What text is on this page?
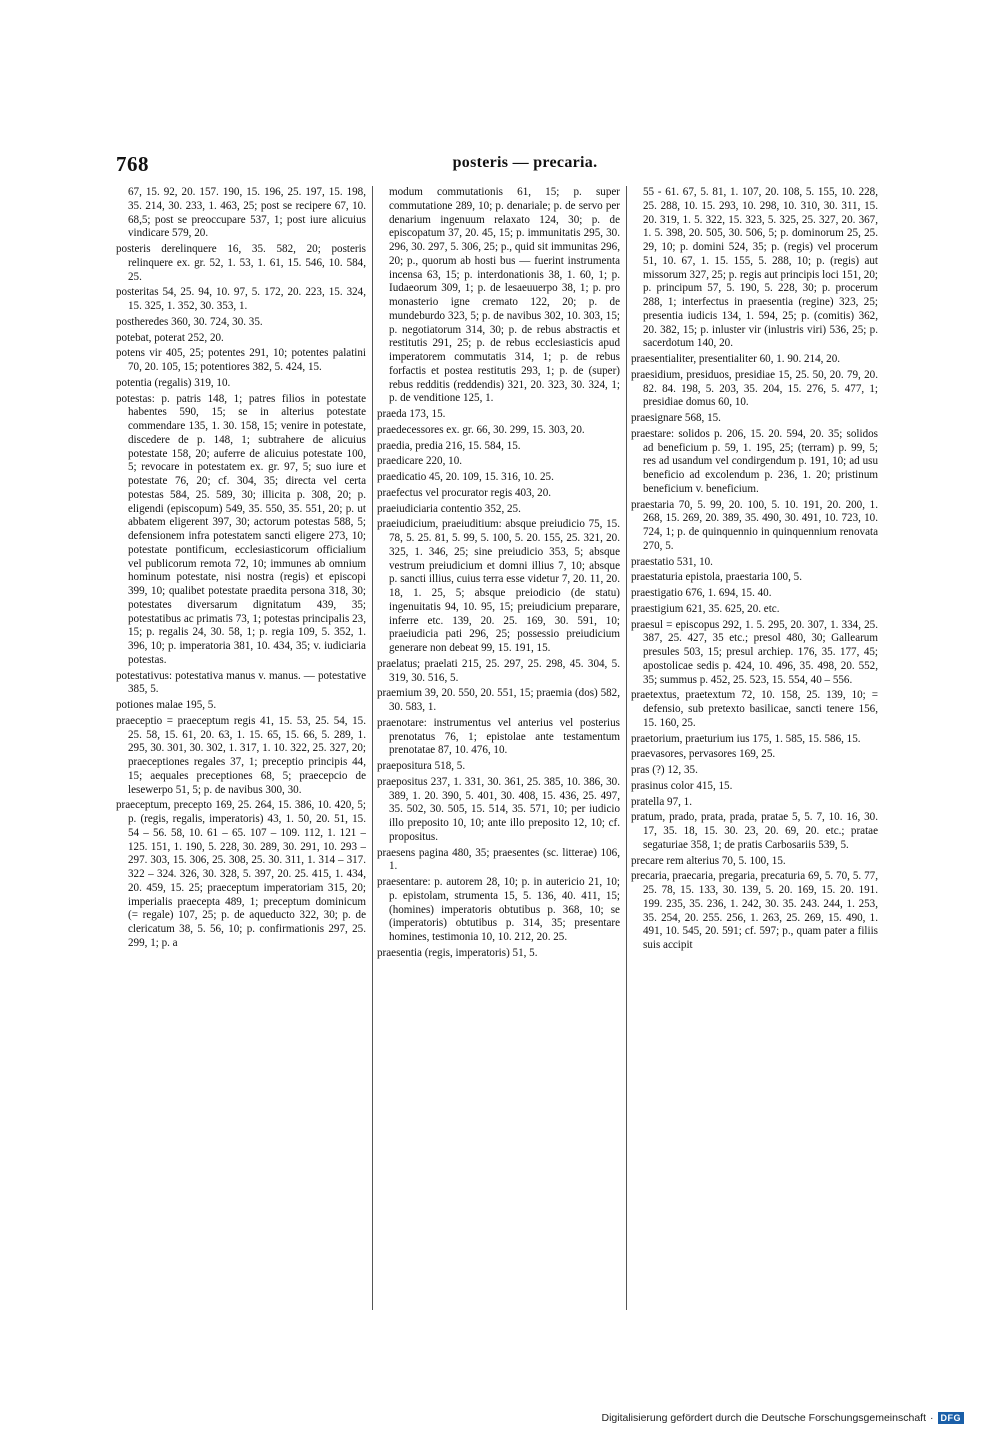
768	posteris — precaria.

67, 15. 92, 20. 157. 190, 15. 196, 25. 197, 15. 198, 35. 214, 30. 233, 1. 463, 25; post se recipere 67, 10. 68,5; post se preoccupare 537, 1; post iure alicuius vindicare 579, 20.

posteris derelinquere 16, 35. 582, 20; posteris relinquere ex. gr. 52, 1. 53, 1. 61, 15. 546, 10. 584, 25.

posteritas 54, 25. 94, 10. 97, 5. 172, 20. 223, 15. 324, 15. 325, 1. 352, 30. 353, 1.

postheredes 360, 30. 724, 30. 35.

potebat, poterat 252, 20.

potens vir 405, 25; potentes 291, 10; potentes palatini 70, 20. 105, 15; potentiores 382, 5. 424, 15.

potentia (regalis) 319, 10.

potestas: p. patris 148, 1; patres filios in potestate habentes 590, 15; se in alterius potestate commendare 135, 1. 30. 158, 15; venire in potestate, discedere de p. 148, 1; subtrahere de alicuius potestate 158, 20; auferre de alicuius potestate 100, 5; revocare in potestatem ex. gr. 97, 5; suo iure et potestate 76, 20; cf. 304, 35; directa vel certa potestas 584, 25. 589, 30; illicita p. 308, 20; p. eligendi (episcopum) 549, 35. 550, 35. 551, 20; p. ut abbatem eligerent 397, 30; actorum potestas 588, 5; defensionem infra potestatem sancti eligere 273, 10; potestate pontificum, ecclesiasticorum officialium vel publicorum remota 72, 10; immunes ab omnium hominum potestate, nisi nostra (regis) et episcopi 399, 10; qualibet potestate praedita persona 318, 30; potestates diversarum dignitatum 439, 35; potestatibus ac primatis 73, 1; potestas principalis 23, 15; p. regalis 24, 30. 58, 1; p. regia 109, 5. 352, 1. 396, 10; p. imperatoria 381, 10. 434, 35; v. iudiciaria potestas.

potestativus: potestativa manus v. manus. — potestative 385, 5.

potiones malae 195, 5.

praeceptio = praeceptum regis 41, 15. 53, 25. 54, 15. 25. 58, 15. 61, 20. 63, 1. 15. 65, 15. 66, 5. 289, 1. 295, 30. 301, 30. 302, 1. 317, 1. 10. 322, 25. 327, 20; praeceptiones regales 37, 1; preceptio principis 44, 15; aequales preceptiones 68, 5; praecepcio de lesewerpo 51, 5; p. de navibus 300, 30.

praeceptum, precepto 169, 25. 264, 15. 386, 10. 420, 5; p. (regis, regalis, imperatoris) 43, 1. 50, 20. 51, 15. 54 – 56. 58, 10. 61 – 65. 107 – 109. 112, 1. 121 – 125. 151, 1. 190, 5. 228, 30. 289, 30. 291, 10. 293 – 297. 303, 15. 306, 25. 308, 25. 30. 311, 1. 314 – 317. 322 – 324. 326, 30. 328, 5. 397, 20. 25. 415, 1. 434, 20. 459, 15. 25; praeceptum imperatoriam 315, 20; imperialis praecepta 489, 1; preceptum dominicum (= regale) 107, 25; p. de aqueducto 322, 30; p. de clericatum 38, 5. 56, 10; p. confirmationis 297, 25. 299, 1; p. a

modum commutationis 61, 15; p. super commutatione 289, 10; p. denariale; p. de servo per denarium ingenuum relaxato 124, 30; p. de episcopatum 37, 20. 45, 15; p. immunitatis 295, 30. 296, 30. 297, 5. 306, 25; p., quid sit immunitas 296, 20; p., quorum ab hosti bus — fuerint instrumenta incensa 63, 15; p. interdonationis 38, 1. 60, 1; p. Iudaeorum 309, 1; p. de lesaeuuerpo 38, 1; p. pro monasterio igne cremato 122, 20; p. de mundeburdo 323, 5; p. de navibus 302, 10. 303, 15; p. negotiatorum 314, 30; p. de rebus abstractis et restitutis 291, 25; p. de rebus ecclesiasticis apud imperatorem commutatis 314, 1; p. de rebus forfactis et postea restitutis 293, 1; p. de (super) rebus redditis (reddendis) 321, 20. 323, 30. 324, 1; p. de venditione 125, 1.

praeda 173, 15.

praedecessores ex. gr. 66, 30. 299, 15. 303, 20.

praedia, predia 216, 15. 584, 15.

praedicare 220, 10.

praedicatio 45, 20. 109, 15. 316, 10. 25.

praefectus vel procurator regis 403, 20.

praeiudiciaria contentio 352, 25.

praeiudicium, praeiuditium: absque preiudicio 75, 15. 78, 5. 25. 81, 5. 99, 5. 100, 5. 20. 155, 25. 321, 20. 325, 1. 346, 25; sine preiudicio 353, 5; absque vestrum preiudicium et domni illius 7, 10; absque p. sancti illius, cuius terra esse videtur 7, 20. 11, 20. 18, 1. 25, 5; absque preiodicio (de statu) ingenuitatis 94, 10. 95, 15; preiudicium preparare, inferre etc. 139, 20. 25. 169, 30. 591, 10; praeiudicia pati 296, 25; possessio preiudicium generare non debeat 99, 15. 191, 15.

praelatus; praelati 215, 25. 297, 25. 298, 45. 304, 5. 319, 30. 516, 5.

praemium 39, 20. 550, 20. 551, 15; praemia (dos) 582, 30. 583, 1.

praenotare: instrumentus vel anterius vel posterius prenotatus 76, 1; epistolae ante testamentum prenotatae 87, 10. 476, 10.

praepositura 518, 5.

praepositus 237, 1. 331, 30. 361, 25. 385, 10. 386, 30. 389, 1. 20. 390, 5. 401, 30. 408, 15. 436, 25. 497, 35. 502, 30. 505, 15. 514, 35. 571, 10; per iudicio illo preposito 10, 10; ante illo preposito 12, 10; cf. propositus.

praesens pagina 480, 35; praesentes (sc. litterae) 106, 1.

praesentare: p. autorem 28, 10; p. in autericio 21, 10; p. epistolam, strumenta 15, 5. 136, 40. 411, 15; (homines) imperatoris obtutibus p. 368, 10; se (imperatoris) obtutibus p. 314, 35; presentare homines, testimonia 10, 10. 212, 20. 25.

praesentia (regis, imperatoris) 51, 5.

55 - 61. 67, 5. 81, 1. 107, 20. 108, 5. 155, 10. 228, 25. 288, 10. 15. 293, 10. 298, 10. 310, 30. 311, 15. 20. 319, 1. 5. 322, 15. 323, 5. 325, 25. 327, 20. 367, 1. 5. 398, 20. 505, 30. 506, 5; p. dominorum 25, 25. 29, 10; p. domini 524, 35; p. (regis) vel procerum 51, 10. 67, 1. 15. 155, 5. 288, 10; p. (regis) aut missorum 327, 25; p. regis aut principis loci 151, 20; p. principum 57, 5. 190, 5. 228, 30; p. procerum 288, 1; interfectus in praesentia (regine) 323, 25; presentia iudicis 134, 1. 594, 25; p. (comitis) 362, 20. 382, 15; p. inluster vir (inlustris viri) 536, 25; p. sacerdotum 140, 20.

praesentialiter, presentialiter 60, 1. 90. 214, 20.

praesidium, presiduos, presidiae 15, 25. 50, 20. 79, 20. 82. 84. 198, 5. 203, 35. 204, 15. 276, 5. 477, 1; presidiae domus 60, 10.

praesignare 568, 15.

praestare: solidos p. 206, 15. 20. 594, 20. 35; solidos ad beneficium p. 59, 1. 195, 25; (terram) p. 99, 5; res ad usandum vel condirgendum p. 191, 10; ad usu beneficio ad excolendum p. 236, 1. 20; pristinum beneficium v. beneficium.

praestaria 70, 5. 99, 20. 100, 5. 10. 191, 20. 200, 1. 268, 15. 269, 20. 389, 35. 490, 30. 491, 10. 723, 10. 724, 1; p. de quinquennio in quinquennium renovata 270, 5.

praestatio 531, 10.

praestaturia epistola, praestaria 100, 5.

praestigatio 676, 1. 694, 15. 40.

praestigium 621, 35. 625, 20. etc.

praesul = episcopus 292, 1. 5. 295, 20. 307, 1. 334, 25. 387, 25. 427, 35 etc.; presol 480, 30; Gallearum presules 503, 15; presul archiep. 176, 35. 177, 45; apostolicae sedis p. 424, 10. 496, 35. 498, 20. 552, 35; summus p. 452, 25. 523, 15. 554, 40 – 556.

praetextus, praetextum 72, 10. 158, 25. 139, 10; = defensio, sub pretexto basilicae, sancti tenere 156, 15. 160, 25.

praetorium, praeturium ius 175, 1. 585, 15. 586, 15.

praevasores, pervasores 169, 25.

pras (?) 12, 35.

prasinus color 415, 15.

pratella 97, 1.

pratum, prado, prata, prada, pratae 5, 5. 7, 10. 16, 30. 17, 35. 18, 15. 30. 23, 20. 69, 20. etc.; pratae segaturiae 358, 1; de pratis Carbosariis 539, 5.

precare rem alterius 70, 5. 100, 15.

precaria, praecaria, pregaria, precaturia 69, 5. 70, 5. 77, 25. 78, 15. 133, 30. 139, 5. 20. 169, 15. 20. 191. 199. 235, 35. 236, 1. 242, 30. 35. 243. 244, 1. 253, 35. 254, 20. 255. 256, 1. 263, 25. 269, 15. 490, 1. 491, 10. 545, 20. 591; cf. 597; p., quam pater a filiis suis accipit

Digitalisierung gefördert durch die Deutsche Forschungsgemeinschaft · DFG
